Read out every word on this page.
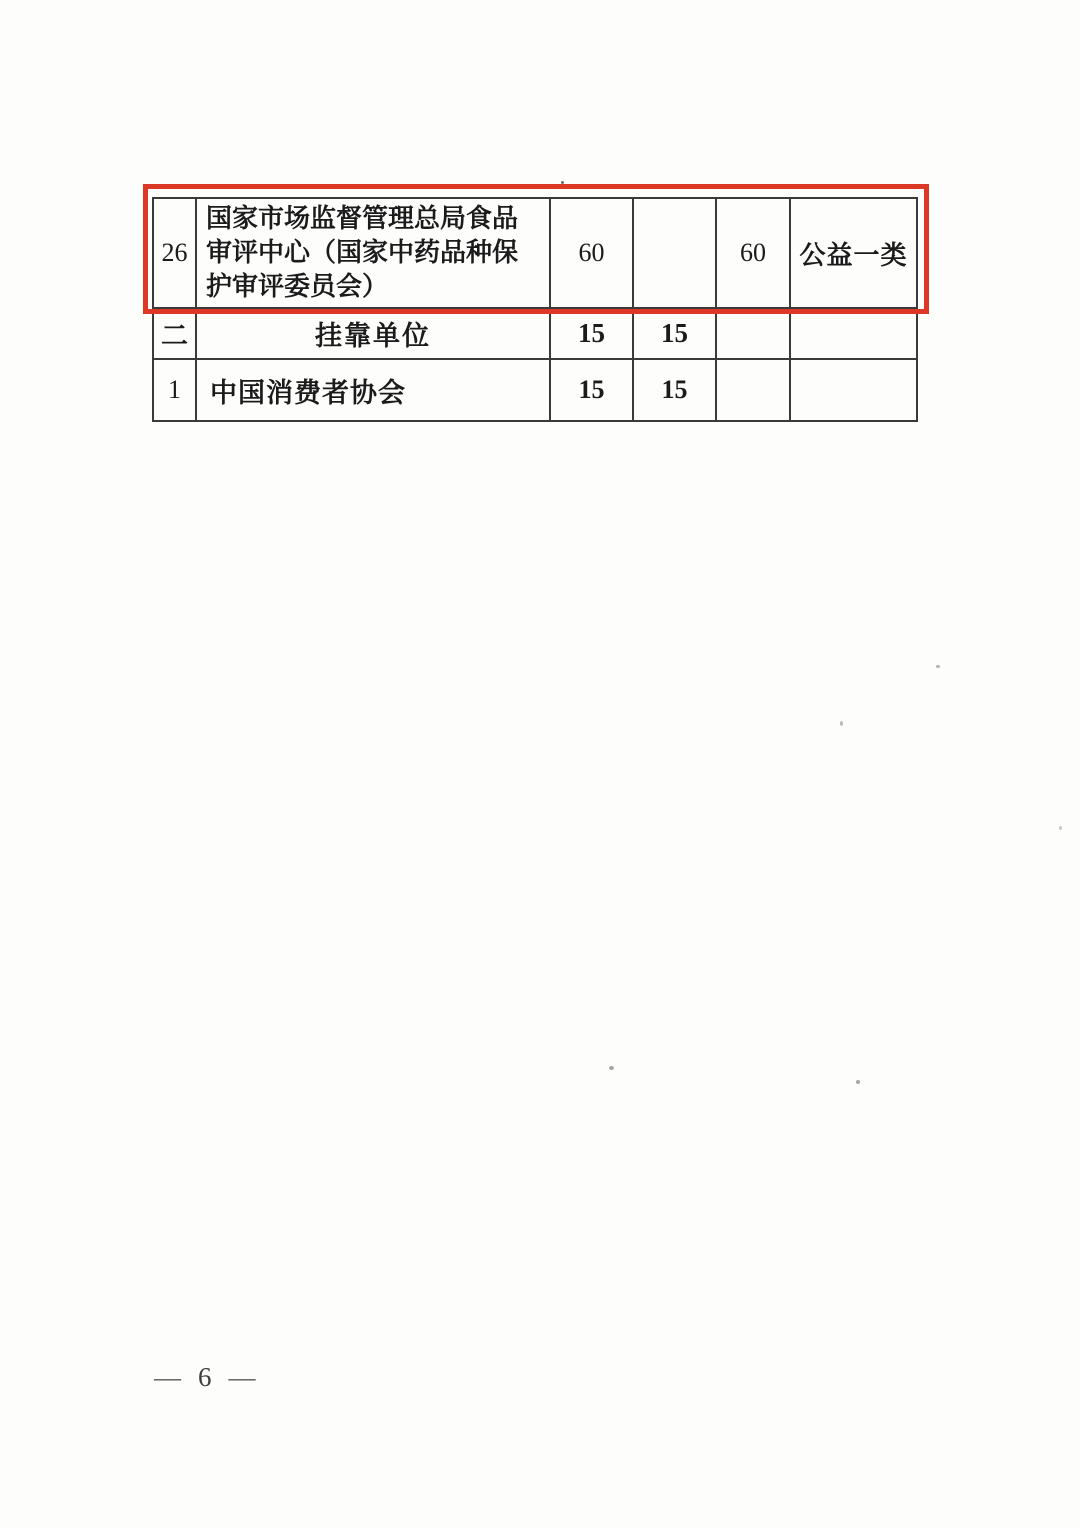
26	国家市场监督管理总局食品审评中心（国家中药品种保护审评委员会）	60		60	公益一类
二	挂靠单位	15	15		
1	中国消费者协会	15	15		
— 6 —
